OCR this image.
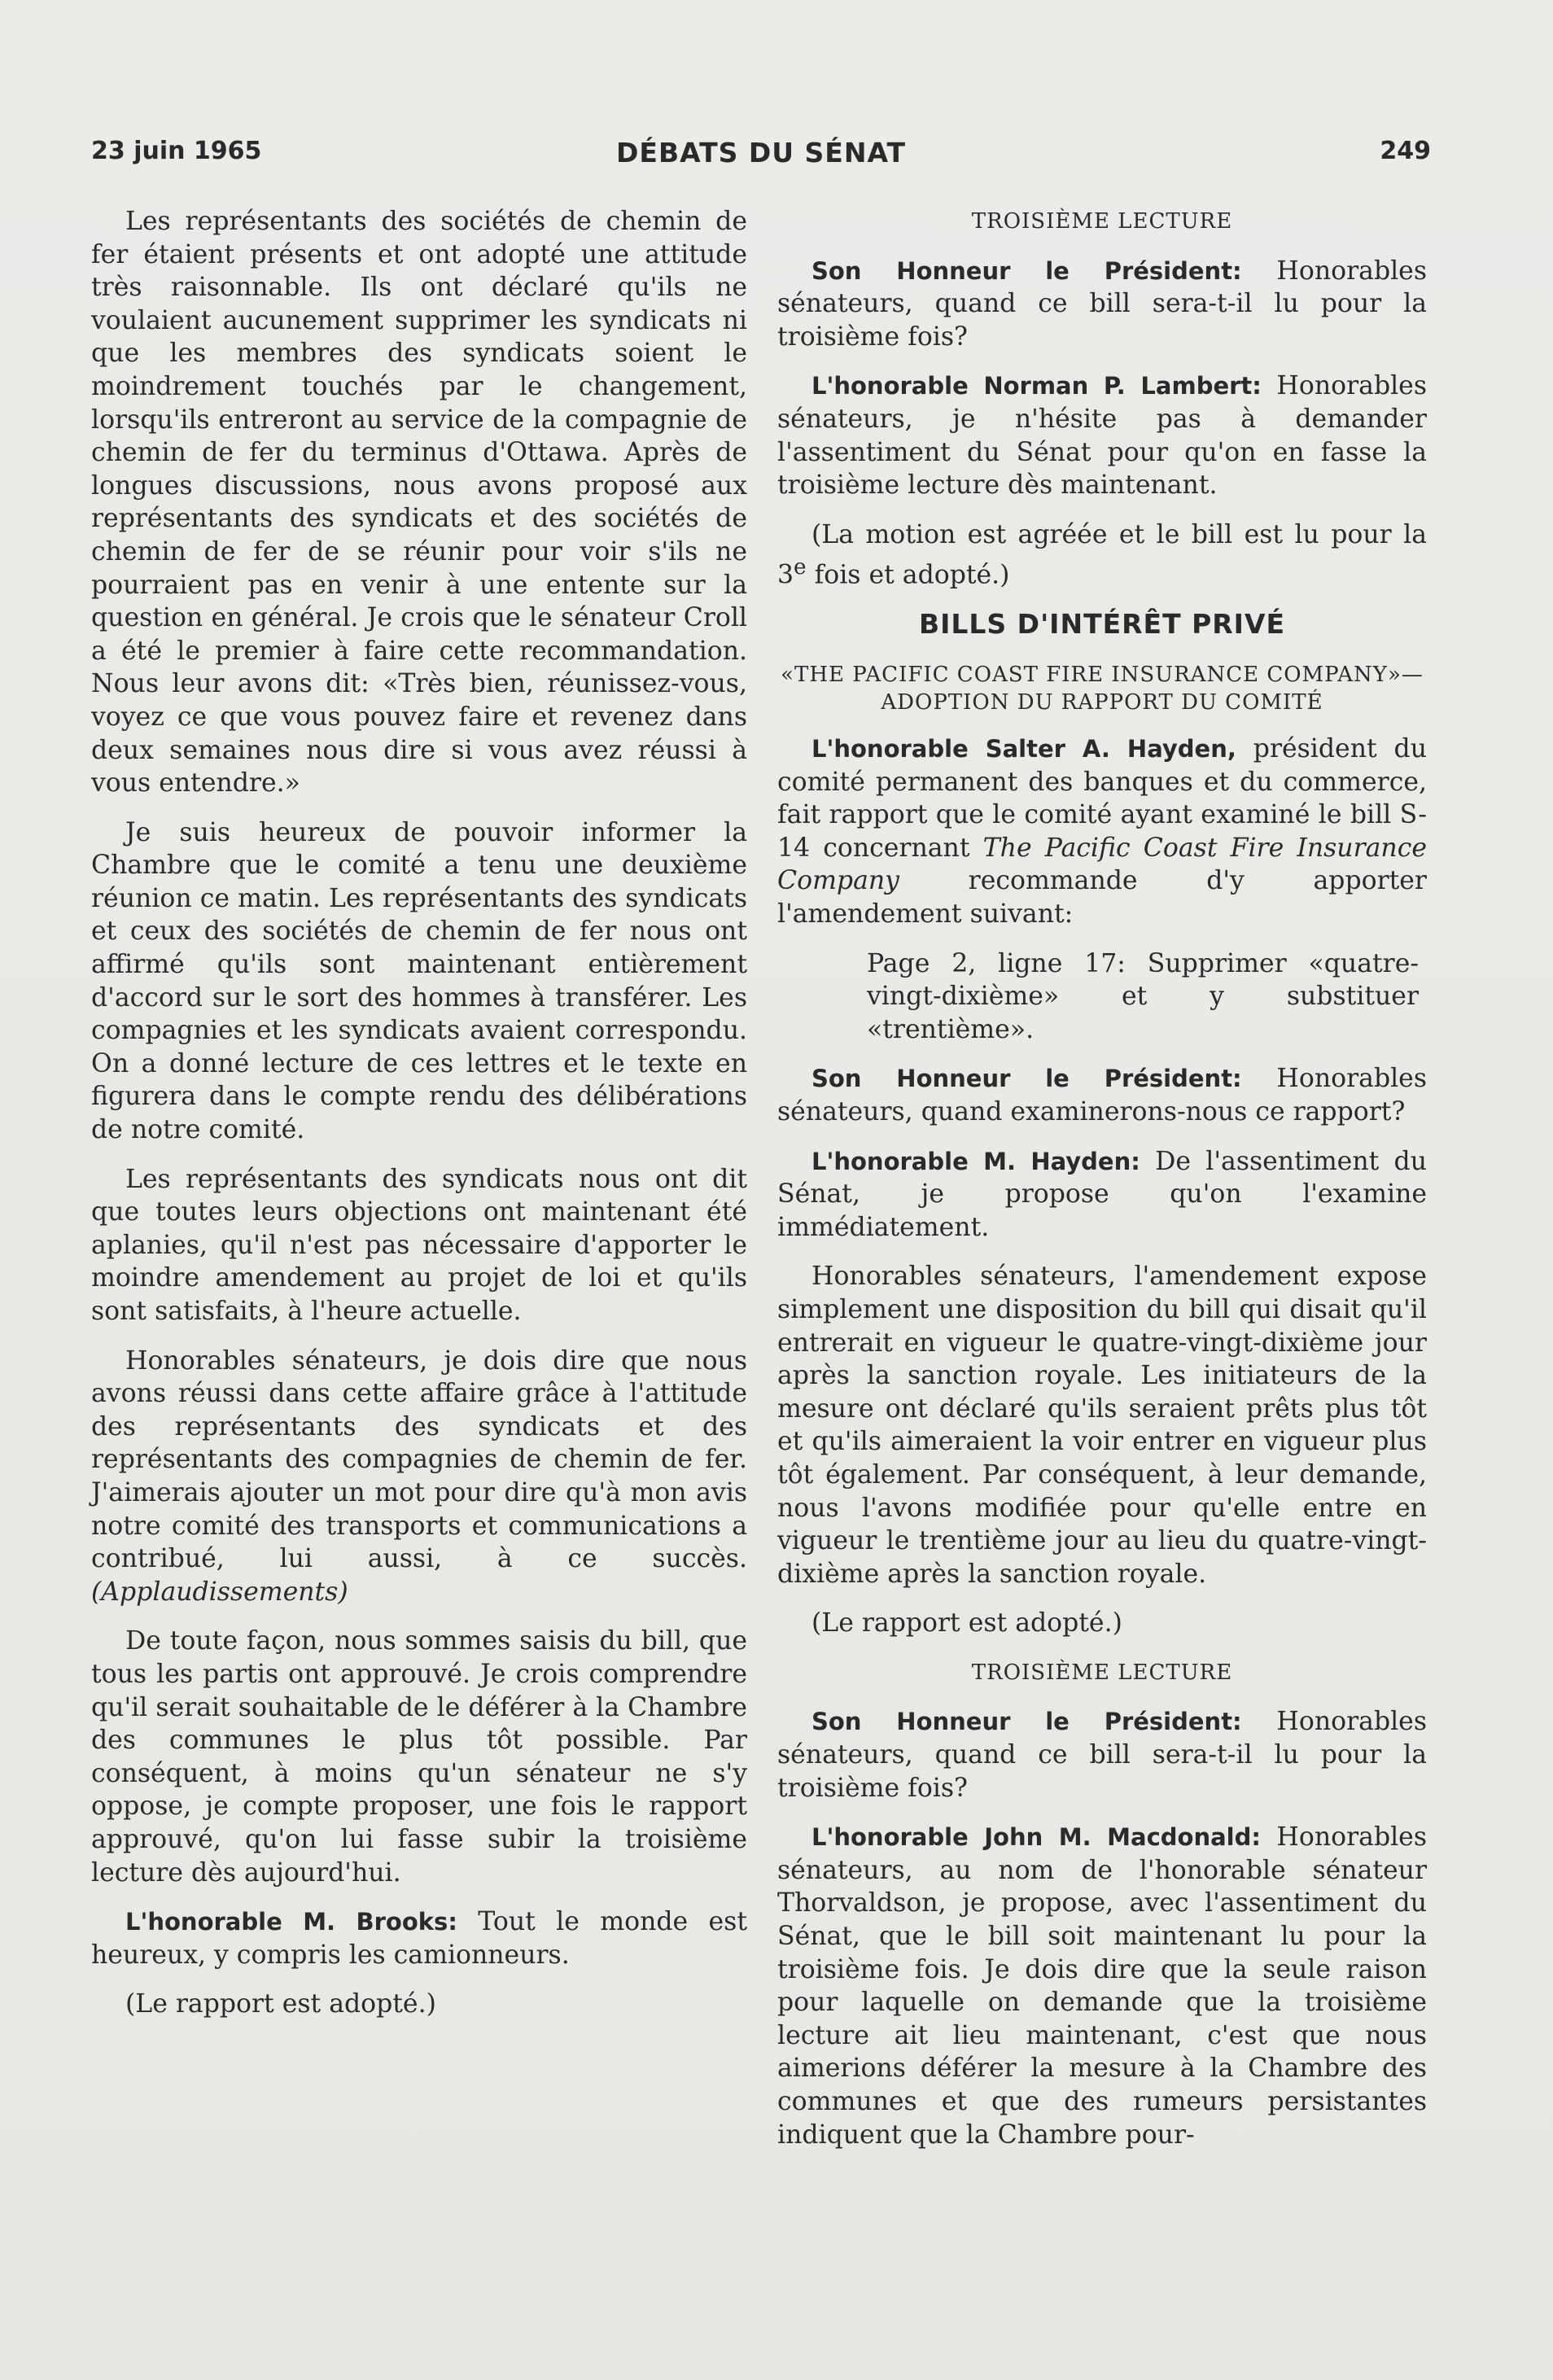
23 juin 1965	DÉBATS DU SÉNAT	249

Les représentants des sociétés de chemin de fer étaient présents et ont adopté une attitude très raisonnable. Ils ont déclaré qu'ils ne voulaient aucunement supprimer les syndicats ni que les membres des syndicats soient le moindrement touchés par le changement, lorsqu'ils entreront au service de la compagnie de chemin de fer du terminus d'Ottawa. Après de longues discussions, nous avons proposé aux représentants des syndicats et des sociétés de chemin de fer de se réunir pour voir s'ils ne pourraient pas en venir à une entente sur la question en général. Je crois que le sénateur Croll a été le premier à faire cette recommandation. Nous leur avons dit: «Très bien, réunissez-vous, voyez ce que vous pouvez faire et revenez dans deux semaines nous dire si vous avez réussi à vous entendre.»

Je suis heureux de pouvoir informer la Chambre que le comité a tenu une deuxième réunion ce matin. Les représentants des syndicats et ceux des sociétés de chemin de fer nous ont affirmé qu'ils sont maintenant entièrement d'accord sur le sort des hommes à transférer. Les compagnies et les syndicats avaient correspondu. On a donné lecture de ces lettres et le texte en figurera dans le compte rendu des délibérations de notre comité.

Les représentants des syndicats nous ont dit que toutes leurs objections ont maintenant été aplanies, qu'il n'est pas nécessaire d'apporter le moindre amendement au projet de loi et qu'ils sont satisfaits, à l'heure actuelle.

Honorables sénateurs, je dois dire que nous avons réussi dans cette affaire grâce à l'attitude des représentants des syndicats et des représentants des compagnies de chemin de fer. J'aimerais ajouter un mot pour dire qu'à mon avis notre comité des transports et communications a contribué, lui aussi, à ce succès. (Applaudissements)

De toute façon, nous sommes saisis du bill, que tous les partis ont approuvé. Je crois comprendre qu'il serait souhaitable de le déférer à la Chambre des communes le plus tôt possible. Par conséquent, à moins qu'un sénateur ne s'y oppose, je compte proposer, une fois le rapport approuvé, qu'on lui fasse subir la troisième lecture dès aujourd'hui.

L'honorable M. Brooks: Tout le monde est heureux, y compris les camionneurs.

(Le rapport est adopté.)

TROISIÈME LECTURE

Son Honneur le Président: Honorables sénateurs, quand ce bill sera-t-il lu pour la troisième fois?

L'honorable Norman P. Lambert: Honorables sénateurs, je n'hésite pas à demander l'assentiment du Sénat pour qu'on en fasse la troisième lecture dès maintenant.

(La motion est agréée et le bill est lu pour la 3e fois et adopté.)

BILLS D'INTÉRÊT PRIVÉ
«THE PACIFIC COAST FIRE INSURANCE COMPANY»—ADOPTION DU RAPPORT DU COMITÉ

L'honorable Salter A. Hayden, président du comité permanent des banques et du commerce, fait rapport que le comité ayant examiné le bill S-14 concernant The Pacific Coast Fire Insurance Company recommande d'y apporter l'amendement suivant:

Page 2, ligne 17: Supprimer «quatre-vingt-dixième» et y substituer «trentième».

Son Honneur le Président: Honorables sénateurs, quand examinerons-nous ce rapport?

L'honorable M. Hayden: De l'assentiment du Sénat, je propose qu'on l'examine immédiatement.

Honorables sénateurs, l'amendement expose simplement une disposition du bill qui disait qu'il entrerait en vigueur le quatre-vingt-dixième jour après la sanction royale. Les initiateurs de la mesure ont déclaré qu'ils seraient prêts plus tôt et qu'ils aimeraient la voir entrer en vigueur plus tôt également. Par conséquent, à leur demande, nous l'avons modifiée pour qu'elle entre en vigueur le trentième jour au lieu du quatre-vingt-dixième après la sanction royale.

(Le rapport est adopté.)

TROISIÈME LECTURE

Son Honneur le Président: Honorables sénateurs, quand ce bill sera-t-il lu pour la troisième fois?

L'honorable John M. Macdonald: Honorables sénateurs, au nom de l'honorable sénateur Thorvaldson, je propose, avec l'assentiment du Sénat, que le bill soit maintenant lu pour la troisième fois. Je dois dire que la seule raison pour laquelle on demande que la troisième lecture ait lieu maintenant, c'est que nous aimerions déférer la mesure à la Chambre des communes et que des rumeurs persistantes indiquent que la Chambre pour-
